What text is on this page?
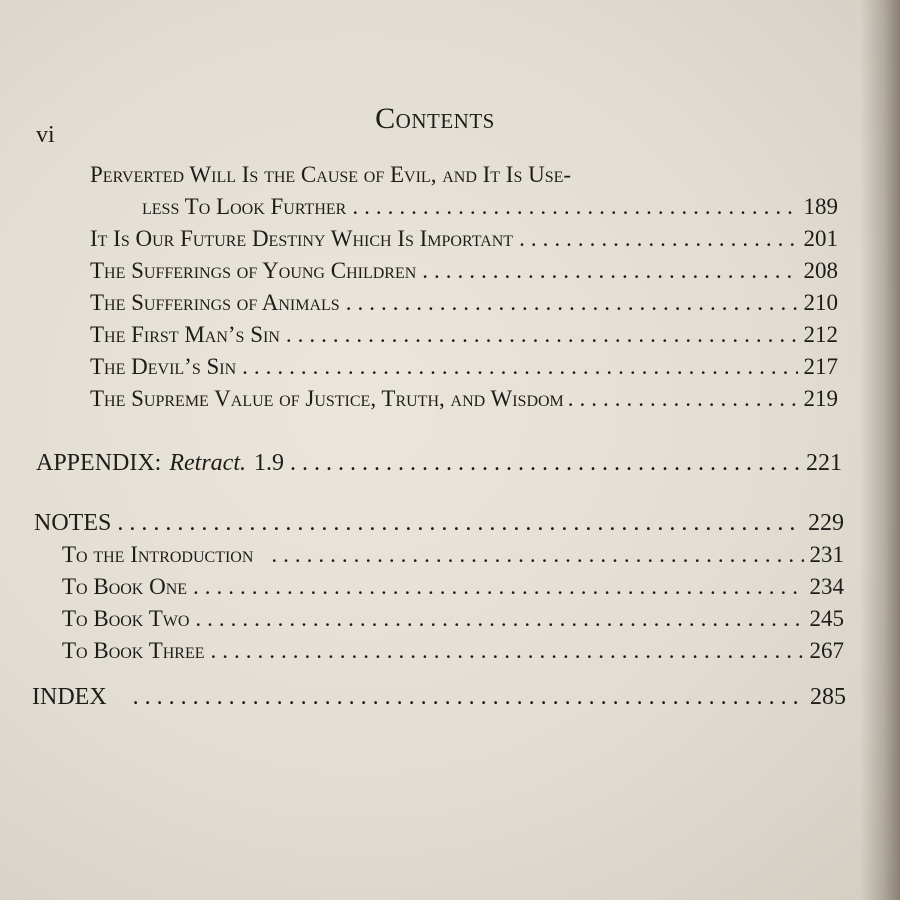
vi	Contents
Perverted Will Is the Cause of Evil, and It Is Use-
less To Look Further .....	189
It Is Our Future Destiny Which Is Important .....	201
The Sufferings of Young Children .....	208
The Sufferings of Animals .....	210
The First Man’s Sin .....	212
The Devil’s Sin .....	217
The Supreme Value of Justice, Truth, and Wisdom .....	219
APPENDIX: Retract. 1.9 .....	221
NOTES .....	229
To the Introduction .....	231
To Book One .....	234
To Book Two .....	245
To Book Three .....	267
INDEX .....	285
